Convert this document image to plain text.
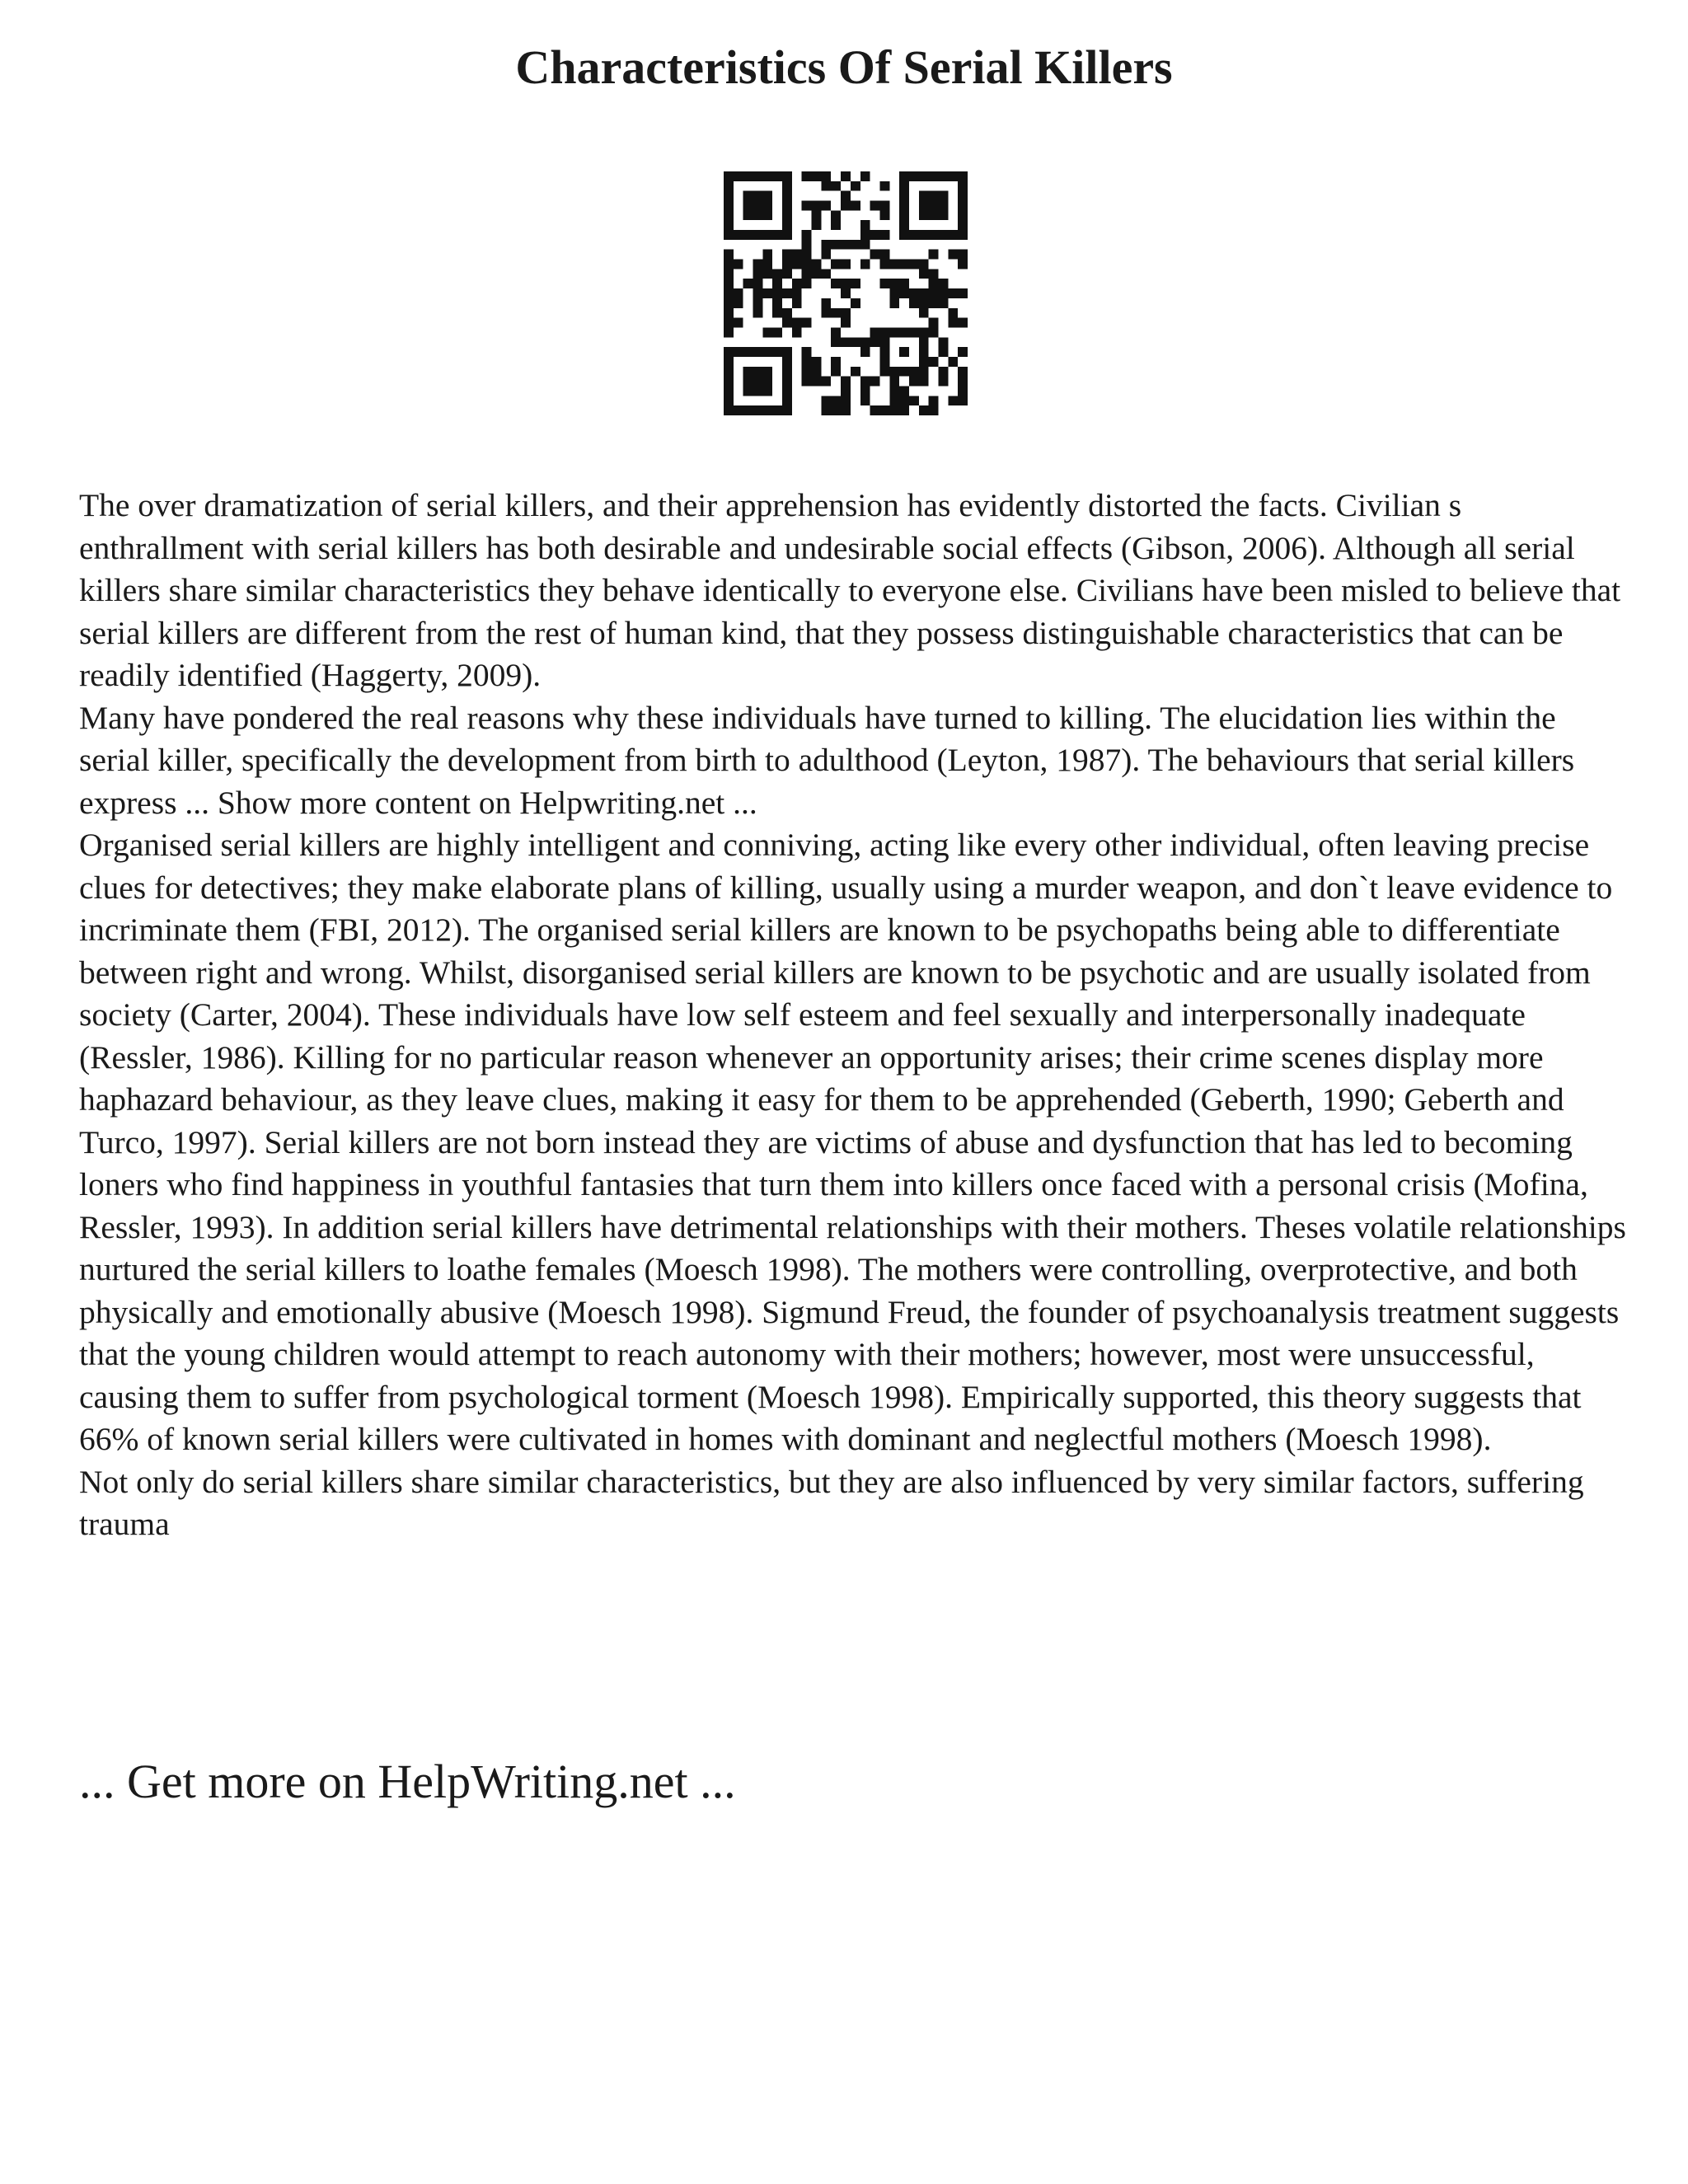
Characteristics Of Serial Killers

The over dramatization of serial killers, and their apprehension has evidently distorted the facts. Civilian s enthrallment with serial killers has both desirable and undesirable social effects (Gibson, 2006). Although all serial killers share similar characteristics they behave identically to everyone else. Civilians have been misled to believe that serial killers are different from the rest of human kind, that they possess distinguishable characteristics that can be readily identified (Haggerty, 2009).

Many have pondered the real reasons why these individuals have turned to killing. The elucidation lies within the serial killer, specifically the development from birth to adulthood (Leyton, 1987). The behaviours that serial killers express ... Show more content on Helpwriting.net ...

Organised serial killers are highly intelligent and conniving, acting like every other individual, often leaving precise clues for detectives; they make elaborate plans of killing, usually using a murder weapon, and don`t leave evidence to incriminate them (FBI, 2012). The organised serial killers are known to be psychopaths being able to differentiate between right and wrong. Whilst, disorganised serial killers are known to be psychotic and are usually isolated from society (Carter, 2004). These individuals have low self esteem and feel sexually and interpersonally inadequate (Ressler, 1986). Killing for no particular reason whenever an opportunity arises; their crime scenes display more haphazard behaviour, as they leave clues, making it easy for them to be apprehended (Geberth, 1990; Geberth and Turco, 1997). Serial killers are not born instead they are victims of abuse and dysfunction that has led to becoming loners who find happiness in youthful fantasies that turn them into killers once faced with a personal crisis (Mofina, Ressler, 1993). In addition serial killers have detrimental relationships with their mothers. Theses volatile relationships nurtured the serial killers to loathe females (Moesch 1998). The mothers were controlling, overprotective, and both physically and emotionally abusive (Moesch 1998). Sigmund Freud, the founder of psychoanalysis treatment suggests that the young children would attempt to reach autonomy with their mothers; however, most were unsuccessful, causing them to suffer from psychological torment (Moesch 1998). Empirically supported, this theory suggests that 66% of known serial killers were cultivated in homes with dominant and neglectful mothers (Moesch 1998).

Not only do serial killers share similar characteristics, but they are also influenced by very similar factors, suffering trauma

... Get more on HelpWriting.net ...
